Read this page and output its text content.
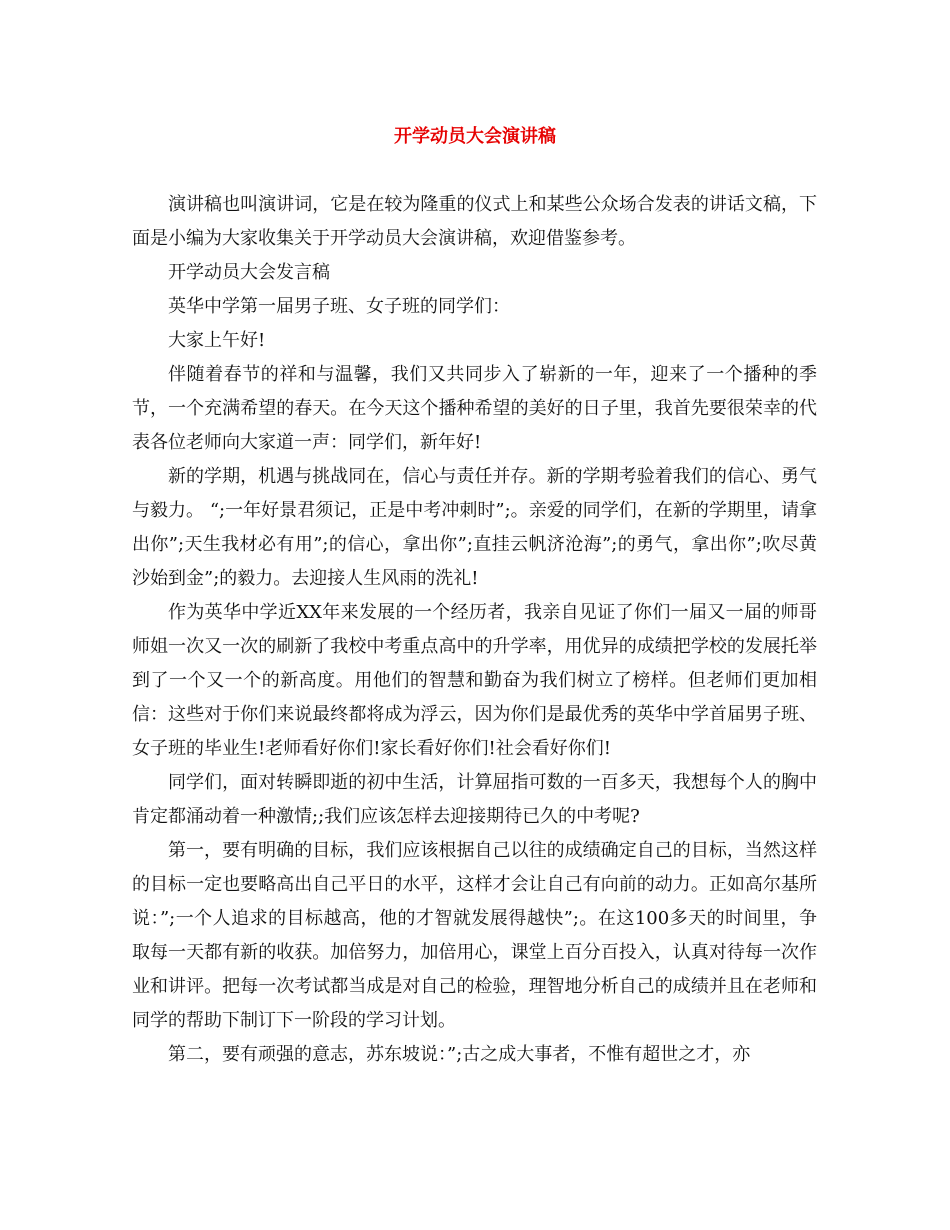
开学动员大会演讲稿

演讲稿也叫演讲词，它是在较为隆重的仪式上和某些公众场合发表的讲话文稿，下面是小编为大家收集关于开学动员大会演讲稿，欢迎借鉴参考。

开学动员大会发言稿

英华中学第一届男子班、女子班的同学们：

大家上午好!

伴随着春节的祥和与温馨，我们又共同步入了崭新的一年，迎来了一个播种的季节，一个充满希望的春天。在今天这个播种希望的美好的日子里，我首先要很荣幸的代表各位老师向大家道一声：同学们，新年好!

新的学期，机遇与挑战同在，信心与责任并存。新的学期考验着我们的信心、勇气与毅力。 “;一年好景君须记，正是中考冲刺时”;。亲爱的同学们，在新的学期里，请拿出你”;天生我材必有用”;的信心，拿出你”;直挂云帆济沧海”;的勇气，拿出你”;吹尽黄沙始到金”;的毅力。去迎接人生风雨的洗礼!

作为英华中学近XX年来发展的一个经历者，我亲自见证了你们一届又一届的师哥师姐一次又一次的刷新了我校中考重点高中的升学率，用优异的成绩把学校的发展托举到了一个又一个的新高度。用他们的智慧和勤奋为我们树立了榜样。但老师们更加相信：这些对于你们来说最终都将成为浮云，因为你们是最优秀的英华中学首届男子班、女子班的毕业生!老师看好你们!家长看好你们!社会看好你们!

同学们，面对转瞬即逝的初中生活，计算屈指可数的一百多天，我想每个人的胸中肯定都涌动着一种激情;;我们应该怎样去迎接期待已久的中考呢?

第一，要有明确的目标，我们应该根据自己以往的成绩确定自己的目标，当然这样的目标一定也要略高出自己平日的水平，这样才会让自己有向前的动力。正如高尔基所说：”;一个人追求的目标越高，他的才智就发展得越快”;。在这100多天的时间里，争取每一天都有新的收获。加倍努力，加倍用心，课堂上百分百投入，认真对待每一次作业和讲评。把每一次考试都当成是对自己的检验，理智地分析自己的成绩并且在老师和同学的帮助下制订下一阶段的学习计划。

第二，要有顽强的意志，苏东坡说：”;古之成大事者，不惟有超世之才，亦
